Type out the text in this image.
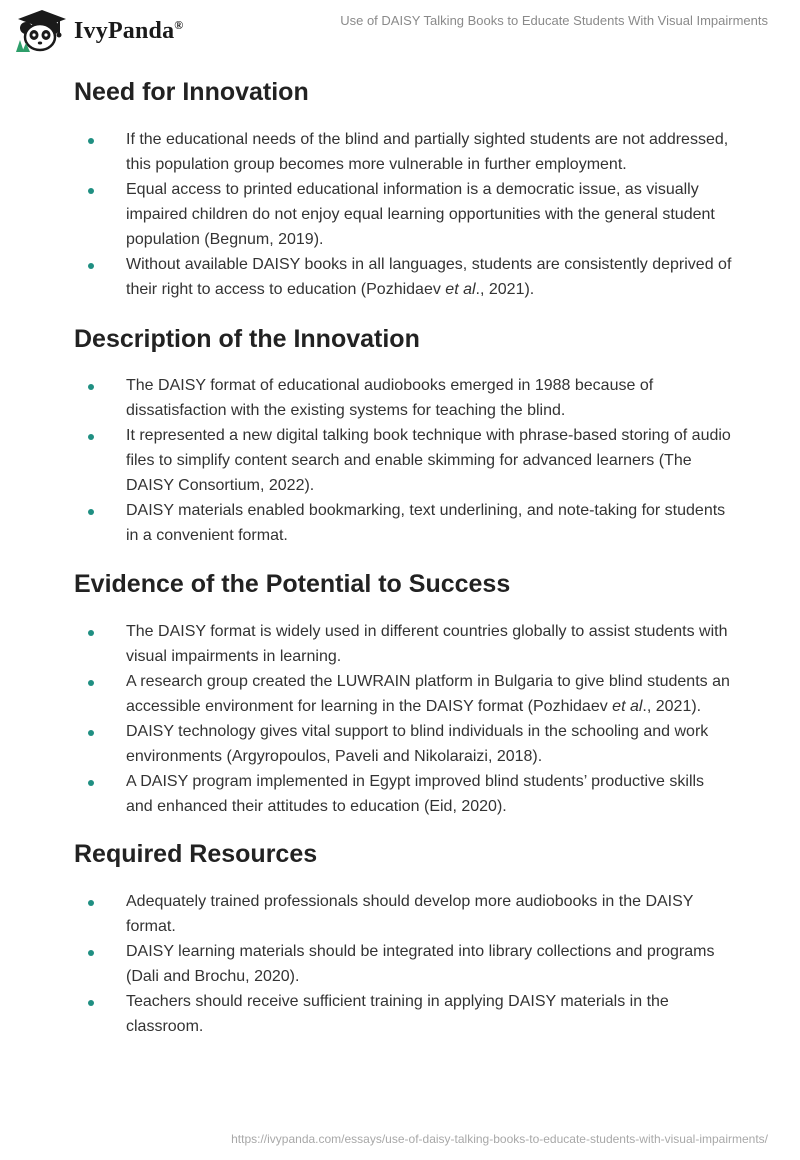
IvyPanda®	Use of DAISY Talking Books to Educate Students With Visual Impairments
Need for Innovation
If the educational needs of the blind and partially sighted students are not addressed, this population group becomes more vulnerable in further employment.
Equal access to printed educational information is a democratic issue, as visually impaired children do not enjoy equal learning opportunities with the general student population (Begnum, 2019).
Without available DAISY books in all languages, students are consistently deprived of their right to access to education (Pozhidaev et al., 2021).
Description of the Innovation
The DAISY format of educational audiobooks emerged in 1988 because of dissatisfaction with the existing systems for teaching the blind.
It represented a new digital talking book technique with phrase-based storing of audio files to simplify content search and enable skimming for advanced learners (The DAISY Consortium, 2022).
DAISY materials enabled bookmarking, text underlining, and note-taking for students in a convenient format.
Evidence of the Potential to Success
The DAISY format is widely used in different countries globally to assist students with visual impairments in learning.
A research group created the LUWRAIN platform in Bulgaria to give blind students an accessible environment for learning in the DAISY format (Pozhidaev et al., 2021).
DAISY technology gives vital support to blind individuals in the schooling and work environments (Argyropoulos, Paveli and Nikolaraizi, 2018).
A DAISY program implemented in Egypt improved blind students’ productive skills and enhanced their attitudes to education (Eid, 2020).
Required Resources
Adequately trained professionals should develop more audiobooks in the DAISY format.
DAISY learning materials should be integrated into library collections and programs (Dali and Brochu, 2020).
Teachers should receive sufficient training in applying DAISY materials in the classroom.
https://ivypanda.com/essays/use-of-daisy-talking-books-to-educate-students-with-visual-impairments/
